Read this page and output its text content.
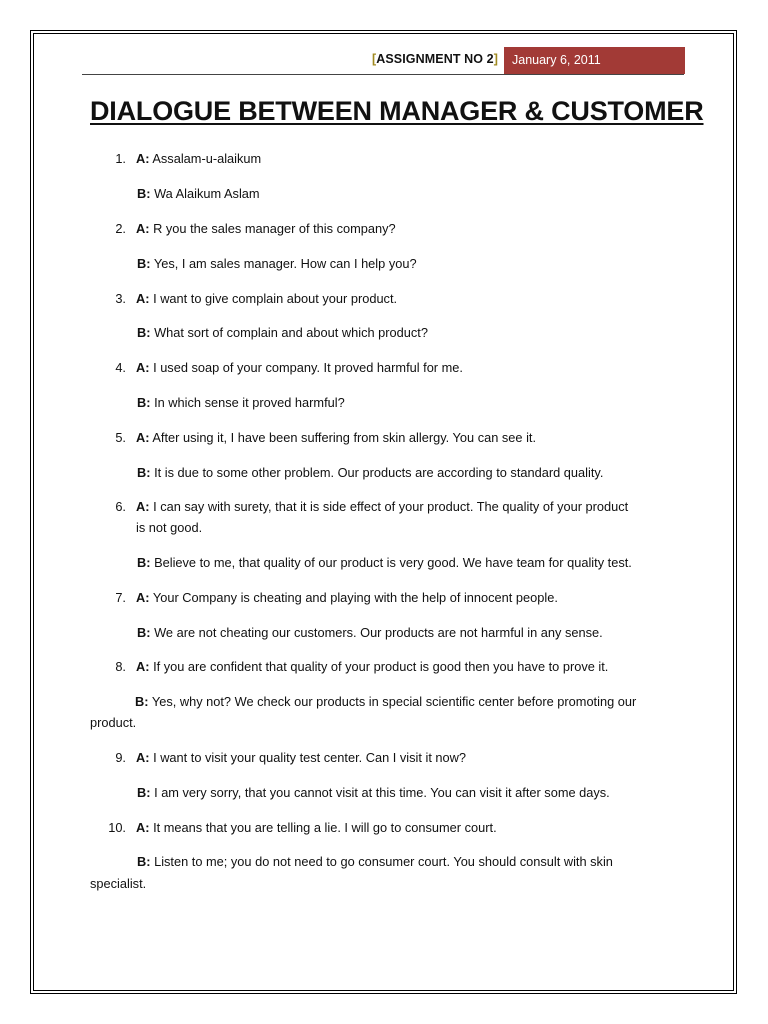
[ASSIGNMENT NO 2]	January 6, 2011
DIALOGUE BETWEEN MANAGER & CUSTOMER
1. A: Assalam-u-alaikum
B: Wa Alaikum Aslam
2. A: R you the sales manager of this company?
B: Yes, I am sales manager. How can I help you?
3. A: I want to give complain about your product.
B: What sort of complain and about which product?
4. A: I used soap of your company. It proved harmful for me.
B: In which sense it proved harmful?
5. A: After using it, I have been suffering from skin allergy. You can see it.
B: It is due to some other problem. Our products are according to standard quality.
6. A: I can say with surety, that it is side effect of your product. The quality of your product
is not good.
B: Believe to me, that quality of our product is very good. We have team for quality test.
7. A: Your Company is cheating and playing with the help of innocent people.
B: We are not cheating our customers. Our products are not harmful in any sense.
8. A: If you are confident that quality of your product is good then you have to prove it.
B: Yes, why not? We check our products in special scientific center before promoting our
product.
9. A: I want to visit your quality test center. Can I visit it now?
B: I am very sorry, that you cannot visit at this time. You can visit it after some days.
10. A: It means that you are telling a lie. I will go to consumer court.
B: Listen to me; you do not need to go consumer court. You should consult with skin
specialist.
